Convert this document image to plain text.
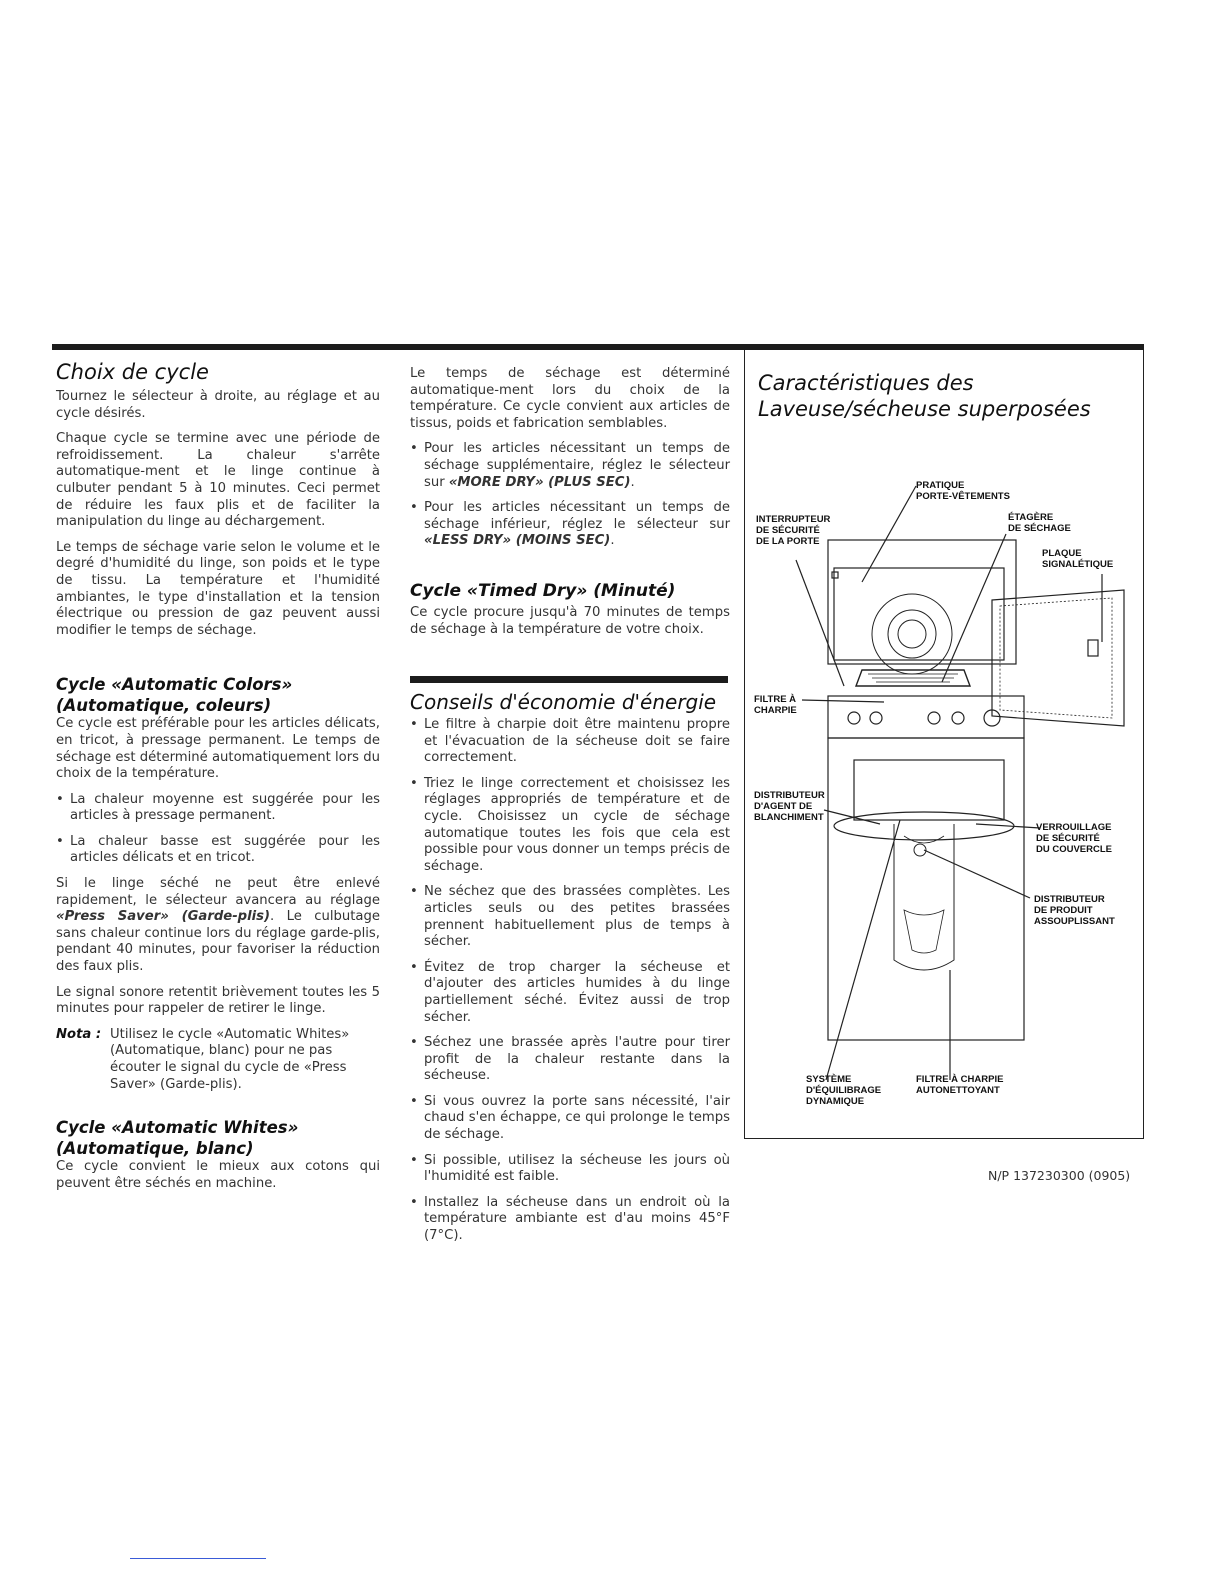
Choix de cycle

Tournez le sélecteur à droite, au réglage et au cycle désirés.

Chaque cycle se termine avec une période de refroidissement. La chaleur s'arrête automatique-ment et le linge continue à culbuter pendant 5 à 10 minutes. Ceci permet de réduire les faux plis et de faciliter la manipulation du linge au déchargement.

Le temps de séchage varie selon le volume et le degré d'humidité du linge, son poids et le type de tissu. La température et l'humidité ambiantes, le type d'installation et la tension électrique ou pression de gaz peuvent aussi modifier le temps de séchage.

Cycle «Automatic Colors»
(Automatique, coleurs)

Ce cycle est préférable pour les articles délicats, en tricot, à pressage permanent. Le temps de séchage est déterminé automatiquement lors du choix de la température.

• La chaleur moyenne est suggérée pour les articles à pressage permanent.
• La chaleur basse est suggérée pour les articles délicats et en tricot.

Si le linge séché ne peut être enlevé rapidement, le sélecteur avancera au réglage «Press Saver» (Garde-plis). Le culbutage sans chaleur continue lors du réglage garde-plis, pendant 40 minutes, pour favoriser la réduction des faux plis.

Le signal sonore retentit brièvement toutes les 5 minutes pour rappeler de retirer le linge.

Nota : Utilisez le cycle «Automatic Whites» (Automatique, blanc) pour ne pas écouter le signal du cycle de «Press Saver» (Garde-plis).
Cycle «Automatic Whites»
(Automatique, blanc)

Ce cycle convient le mieux aux cotons qui peuvent être séchés en machine.

Le temps de séchage est déterminé automatique-ment lors du choix de la température. Ce cycle convient aux articles de tissus, poids et fabrication semblables.

• Pour les articles nécessitant un temps de séchage supplémentaire, réglez le sélecteur sur «MORE DRY» (PLUS SEC).
• Pour les articles nécessitant un temps de séchage inférieur, réglez le sélecteur sur «LESS DRY» (MOINS SEC).
Cycle «Timed Dry» (Minuté)

Ce cycle procure jusqu'à 70 minutes de temps de séchage à la température de votre choix.

Conseils d'économie d'énergie
• Le filtre à charpie doit être maintenu propre et l'évacuation de la sécheuse doit se faire correctement.
• Triez le linge correctement et choisissez les réglages appropriés de température et de cycle. Choisissez un cycle de séchage automatique toutes les fois que cela est possible pour vous donner un temps précis de séchage.
• Ne séchez que des brassées complètes. Les articles seuls ou des petites brassées prennent habituellement plus de temps à sécher.
• Évitez de trop charger la sécheuse et d'ajouter des articles humides à du linge partiellement séché. Évitez aussi de trop sécher.
• Séchez une brassée après l'autre pour tirer profit de la chaleur restante dans la sécheuse.
• Si vous ouvrez la porte sans nécessité, l'air chaud s'en échappe, ce qui prolonge le temps de séchage.
• Si possible, utilisez la sécheuse les jours où l'humidité est faible.
• Installez la sécheuse dans un endroit où la température ambiante est d'au moins 45°F (7°C).
Caractéristiques des
Laveuse/sécheuse superposées
PRATIQUE
PORTE-VÊTEMENTS
INTERRUPTEUR
DE SÉCURITÉ
DE LA PORTE
ÉTAGÈRE
DE SÉCHAGE
PLAQUE
SIGNALÉTIQUE
FILTRE À
CHARPIE
DISTRIBUTEUR
D'AGENT DE
BLANCHIMENT
VERROUILLAGE
DE SÉCURITÉ
DU COUVERCLE
DISTRIBUTEUR
DE PRODUIT
ASSOUPLISSANT
SYSTÈME
D'ÉQUILIBRAGE
DYNAMIQUE
FILTRE À CHARPIE
AUTONETTOYANT
N/P 137230300 (0905)
